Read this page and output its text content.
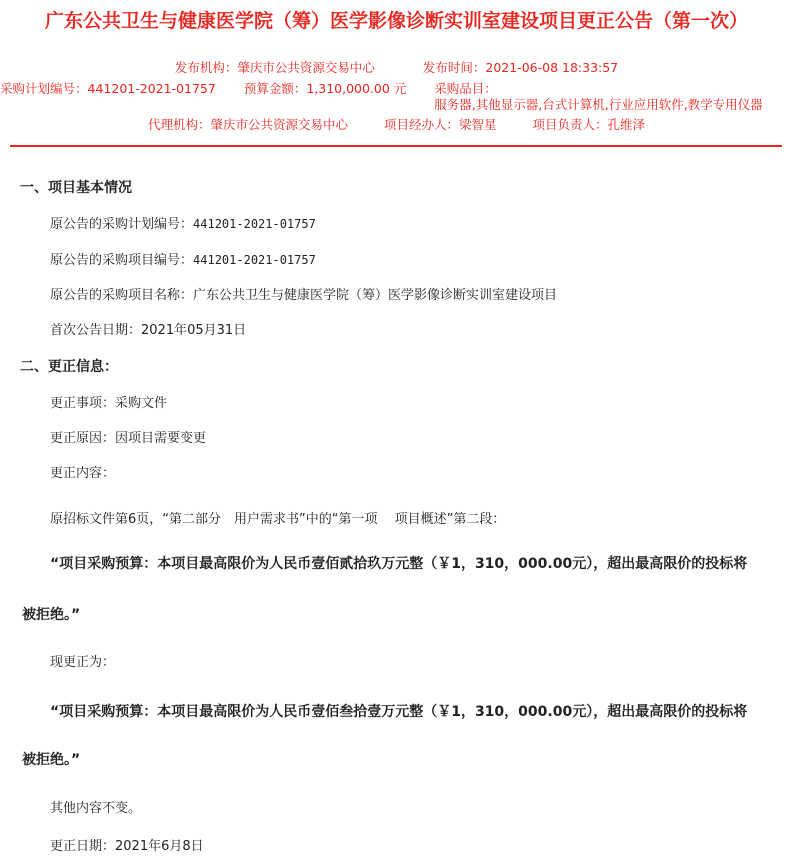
广东公共卫生与健康医学院（筹）医学影像诊断实训室建设项目更正公告（第一次）
发布机构：肇庆市公共资源交易中心	发布时间：2021-06-08 18:33:57
采购计划编号：441201-2021-01757 预算金额：1,310,000.00 元 采购品目：服务器,其他显示器,台式计算机,行业应用软件,教学专用仪器
代理机构：肇庆市公共资源交易中心	项目经办人：梁智星	项目负责人：孔维泽
一、项目基本情况
原公告的采购计划编号：441201-2021-01757
原公告的采购项目编号：441201-2021-01757
原公告的采购项目名称：广东公共卫生与健康医学院（筹）医学影像诊断实训室建设项目
首次公告日期：2021年05月31日
二、更正信息：
更正事项：采购文件
更正原因：因项目需要变更
更正内容：
原招标文件第6页，“第二部分　用户需求书”中的“第一项　 项目概述”第二段：
“项目采购预算：本项目最高限价为人民币壹佰贰拾玖万元整（￥1，310，000.00元），超出最高限价的投标将
被拒绝。”
现更正为：
“项目采购预算：本项目最高限价为人民币壹佰叁拾壹万元整（￥1，310，000.00元），超出最高限价的投标将
被拒绝。”
其他内容不变。
更正日期：2021年6月8日
